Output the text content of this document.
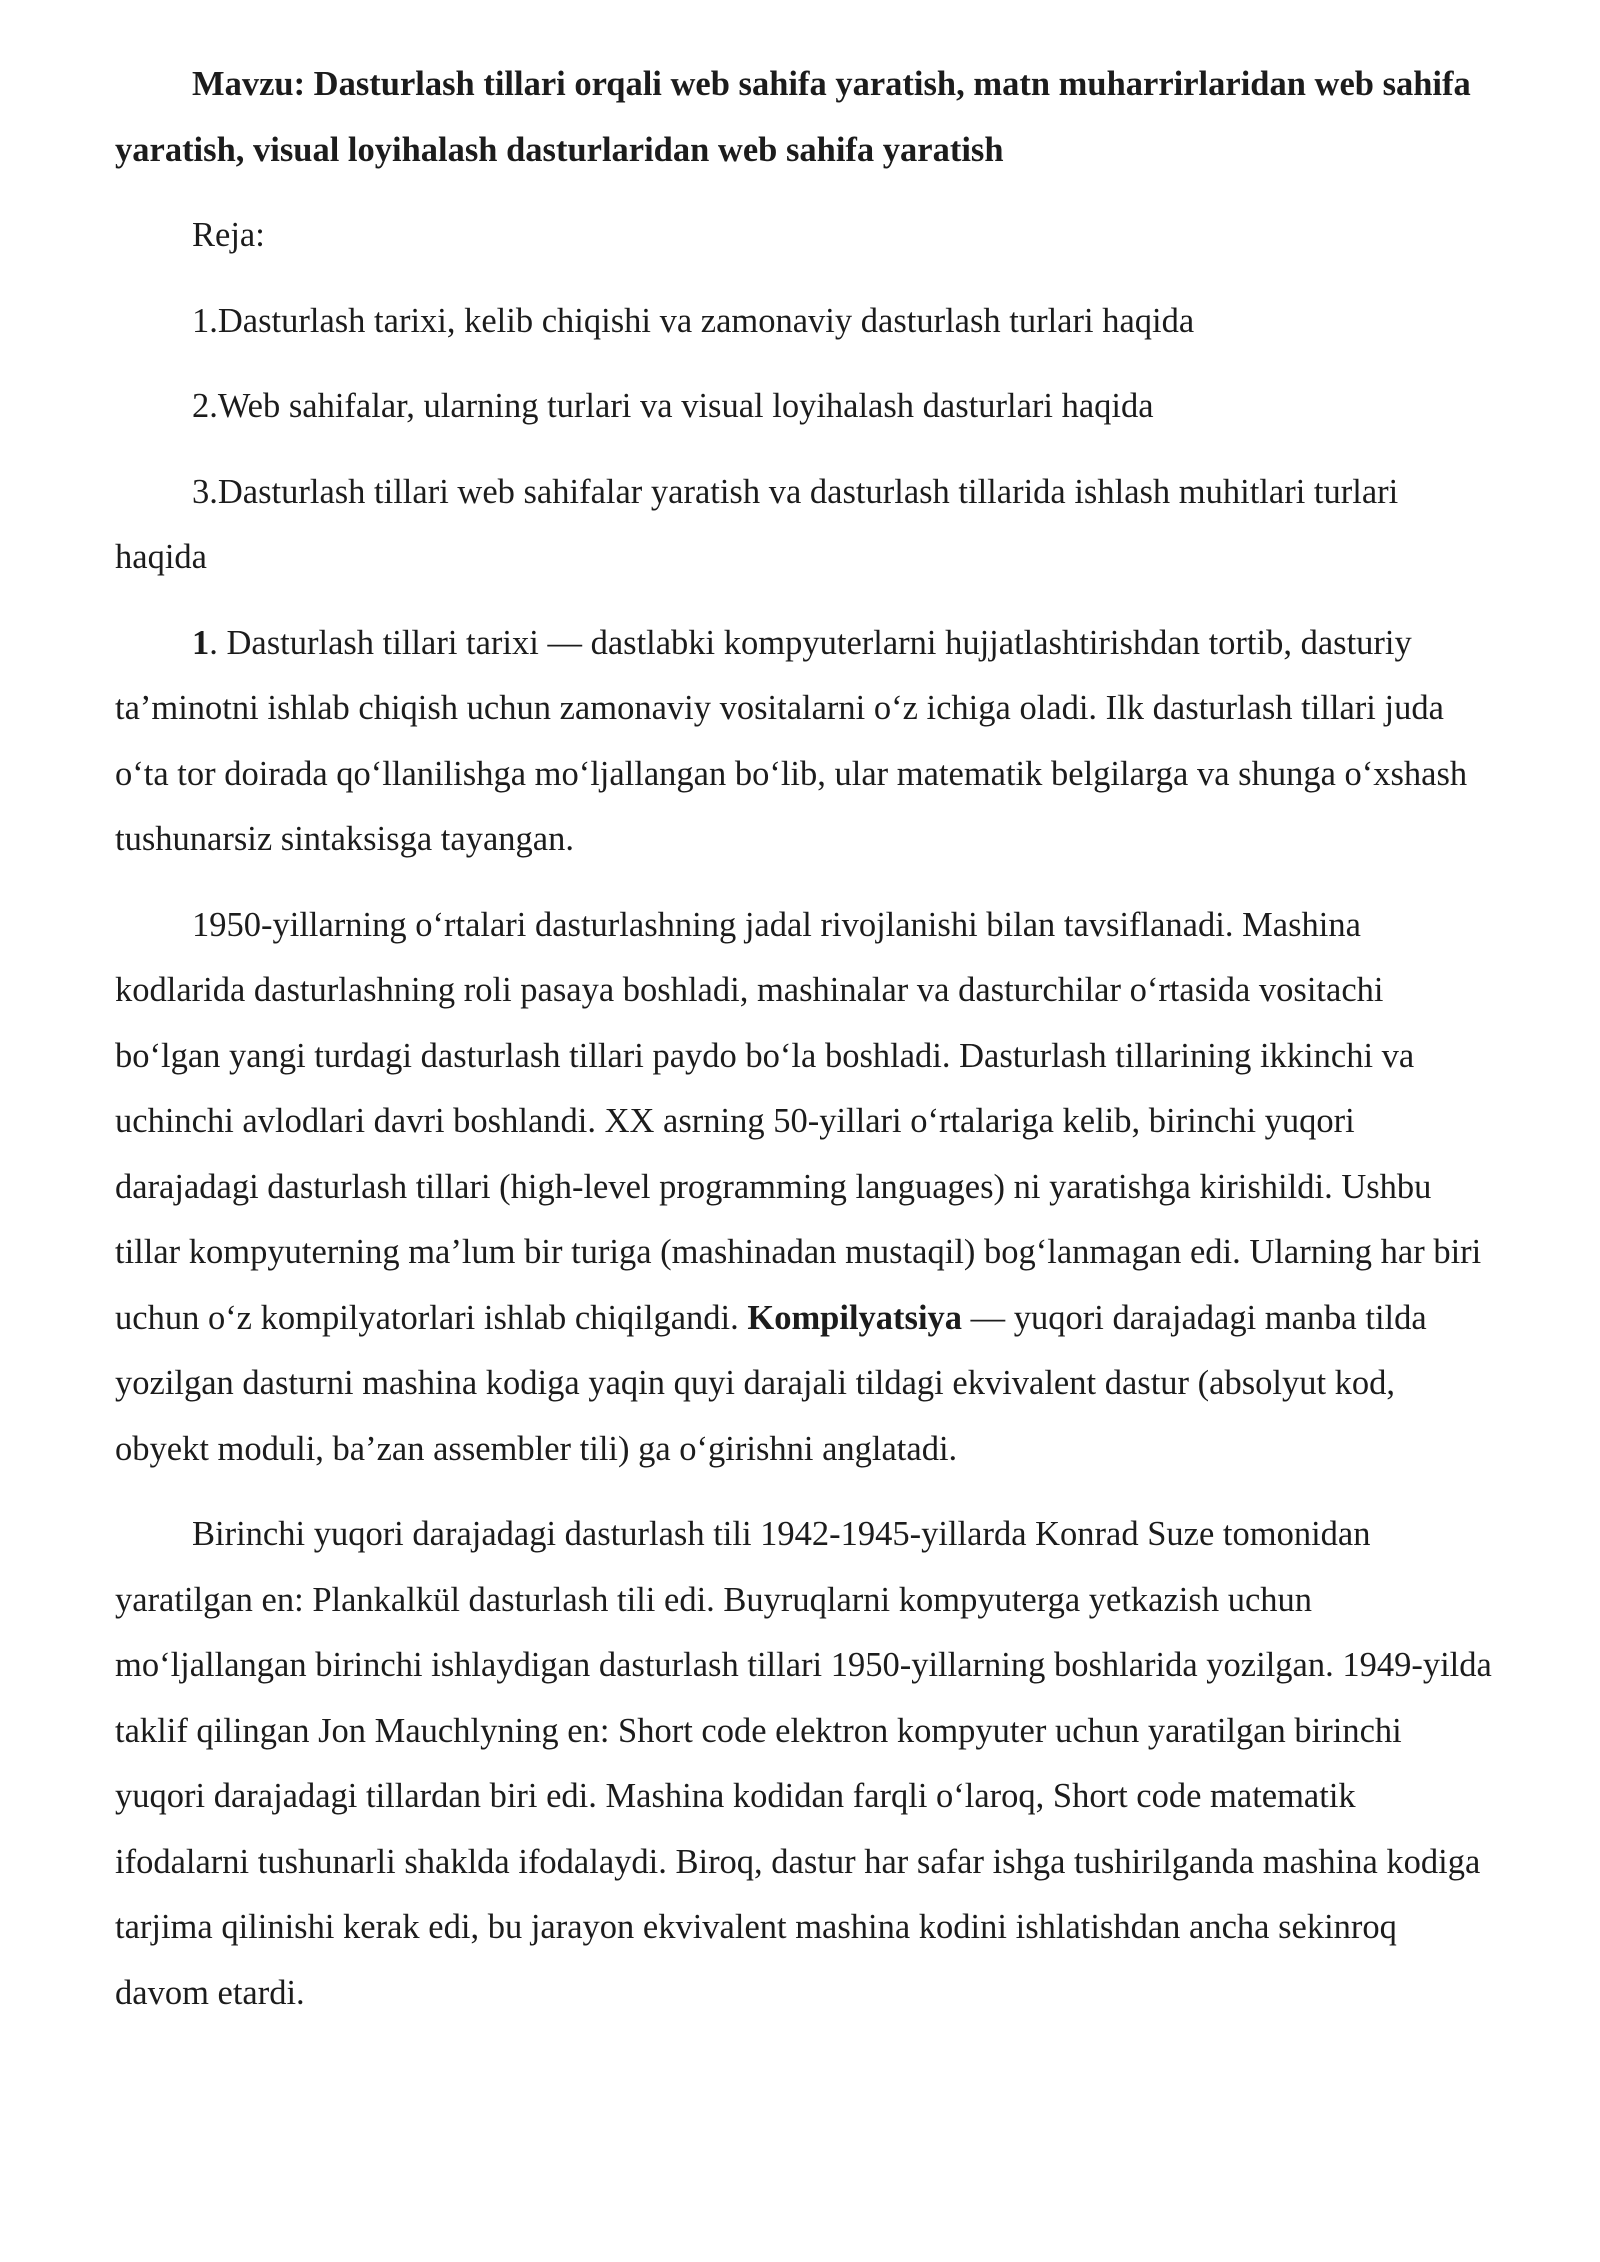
Mavzu: Dasturlash tillari orqali web sahifa yaratish, matn muharrirlaridan web sahifa yaratish, visual loyihalash dasturlaridan web sahifa yaratish

Reja:

1.Dasturlash tarixi, kelib chiqishi va zamonaviy dasturlash turlari haqida

2.Web sahifalar, ularning turlari va visual loyihalash dasturlari haqida

3.Dasturlash tillari web sahifalar yaratish va dasturlash tillarida ishlash muhitlari turlari haqida

1. Dasturlash tillari tarixi — dastlabki kompyuterlarni hujjatlashtirishdan tortib, dasturiy ta’minotni ishlab chiqish uchun zamonaviy vositalarni o‘z ichiga oladi. Ilk dasturlash tillari juda o‘ta tor doirada qo‘llanilishga mo‘ljallangan bo‘lib, ular matematik belgilarga va shunga o‘xshash tushunarsiz sintaksisga tayangan.

1950-yillarning o‘rtalari dasturlashning jadal rivojlanishi bilan tavsiflanadi. Mashina kodlarida dasturlashning roli pasaya boshladi, mashinalar va dasturchilar o‘rtasida vositachi bo‘lgan yangi turdagi dasturlash tillari paydo bo‘la boshladi. Dasturlash tillarining ikkinchi va uchinchi avlodlari davri boshlandi. XX asrning 50-yillari o‘rtalariga kelib, birinchi yuqori darajadagi dasturlash tillari (high-level programming languages) ni yaratishga kirishildi. Ushbu tillar kompyuterning ma’lum bir turiga (mashinadan mustaqil) bog‘lanmagan edi. Ularning har biri uchun o‘z kompilyatorlari ishlab chiqilgandi. Kompilyatsiya — yuqori darajadagi manba tilda yozilgan dasturni mashina kodiga yaqin quyi darajali tildagi ekvivalent dastur (absolyut kod, obyekt moduli, ba’zan assembler tili) ga o‘girishni anglatadi.

Birinchi yuqori darajadagi dasturlash tili 1942-1945-yillarda Konrad Suze tomonidan yaratilgan en: Plankalkül dasturlash tili edi. Buyruqlarni kompyuterga yetkazish uchun mo‘ljallangan birinchi ishlaydigan dasturlash tillari 1950-yillarning boshlarida yozilgan. 1949-yilda taklif qilingan Jon Mauchlyning en: Short code elektron kompyuter uchun yaratilgan birinchi yuqori darajadagi tillardan biri edi. Mashina kodidan farqli o‘laroq, Short code matematik ifodalarni tushunarli shaklda ifodalaydi. Biroq, dastur har safar ishga tushirilganda mashina kodiga tarjima qilinishi kerak edi, bu jarayon ekvivalent mashina kodini ishlatishdan ancha sekinroq davom etardi.
